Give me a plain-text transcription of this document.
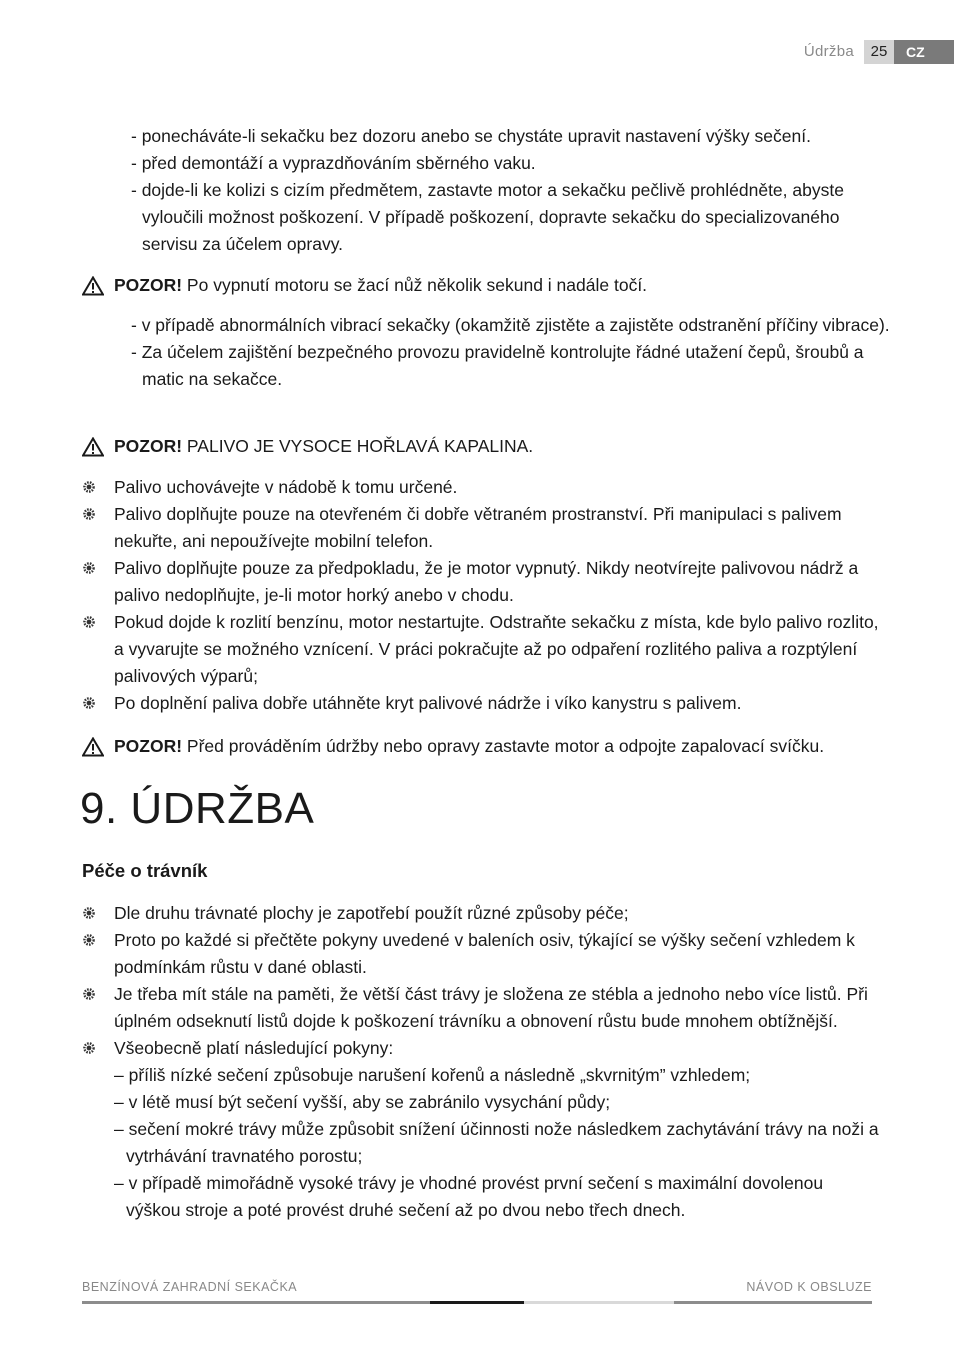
Údržba	25	CZ
- ponecháváte-li sekačku bez dozoru anebo se chystáte upravit nastavení výšky sečení.
- před demontáží a vyprazdňováním sběrného vaku.
- dojde-li ke kolizi s cizím předmětem, zastavte motor a sekačku pečlivě prohlédněte, abyste vyloučili možnost poškození. V případě poškození, dopravte sekačku do specializovaného servisu za účelem opravy.
POZOR! Po vypnutí motoru se žací nůž několik sekund i nadále točí.
- v případě abnormálních vibrací sekačky (okamžitě zjistěte a zajistěte odstranění příčiny vibrace).
- Za účelem zajištění bezpečného provozu pravidelně kontrolujte řádné utažení čepů, šroubů a matic na sekačce.
POZOR! PALIVO JE VYSOCE HOŘLAVÁ KAPALINA.
Palivo uchovávejte v nádobě k tomu určené.
Palivo doplňujte pouze na otevřeném či dobře větraném prostranství. Při manipulaci s palivem nekuřte, ani nepoužívejte mobilní telefon.
Palivo doplňujte pouze za předpokladu, že je motor vypnutý. Nikdy neotvírejte palivovou nádrž a palivo nedoplňujte, je-li motor horký anebo v chodu.
Pokud dojde k rozlití benzínu, motor nestartujte. Odstraňte sekačku z místa, kde bylo palivo rozlito, a vyvarujte se možného vznícení. V práci pokračujte až po odpaření rozlitého paliva a rozptýlení palivových výparů;
Po doplnění paliva dobře utáhněte kryt palivové nádrže i víko kanystru s palivem.
POZOR! Před prováděním údržby nebo opravy zastavte motor a odpojte zapalovací svíčku.
9. ÚDRŽBA
Péče o trávník
Dle druhu trávnaté plochy je zapotřebí použít různé způsoby péče;
Proto po každé si přečtěte pokyny uvedené v baleních osiv, týkající se výšky sečení vzhledem k podmínkám růstu v dané oblasti.
Je třeba mít stále na paměti, že větší část trávy je složena ze stébla a jednoho nebo více listů. Při úplném odseknutí listů dojde k poškození trávníku a obnovení růstu bude mnohem obtížnější.
Všeobecně platí následující pokyny:
– příliš nízké sečení způsobuje narušení kořenů a následně „skvrnitým” vzhledem;
– v létě musí být sečení vyšší, aby se zabránilo vysychání půdy;
– sečení mokré trávy může způsobit snížení účinnosti nože následkem zachytávání trávy na noži a vytrhávání travnatého porostu;
– v případě mimořádně vysoké trávy je vhodné provést první sečení s maximální dovolenou výškou stroje a poté provést druhé sečení až po dvou nebo třech dnech.
BENZÍNOVÁ ZAHRADNÍ SEKAČKA	NÁVOD K OBSLUZE
